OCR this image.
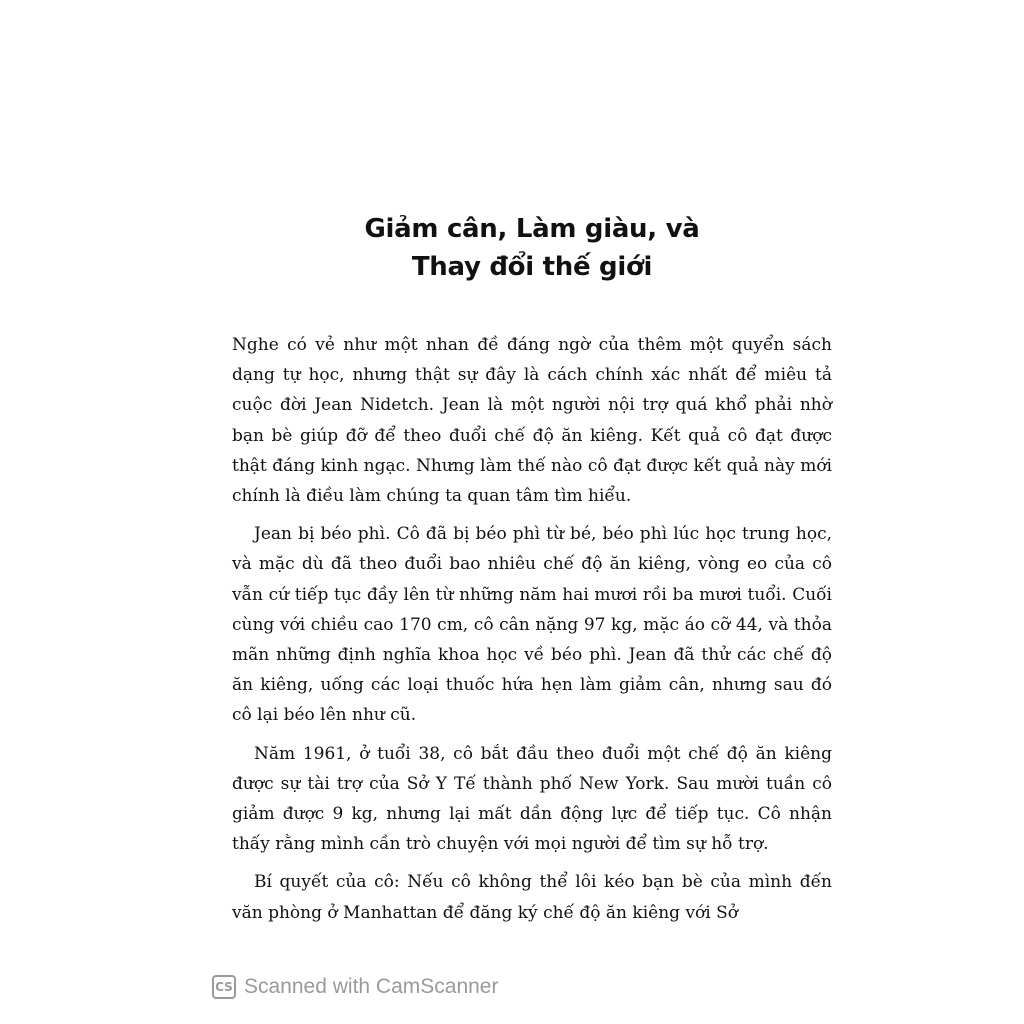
Giảm cân, Làm giàu, và
Thay đổi thế giới

Nghe có vẻ như một nhan đề đáng ngờ của thêm một quyển sách dạng tự học, nhưng thật sự đây là cách chính xác nhất để miêu tả cuộc đời Jean Nidetch. Jean là một người nội trợ quá khổ phải nhờ bạn bè giúp đỡ để theo đuổi chế độ ăn kiêng. Kết quả cô đạt được thật đáng kinh ngạc. Nhưng làm thế nào cô đạt được kết quả này mới chính là điều làm chúng ta quan tâm tìm hiểu.

Jean bị béo phì. Cô đã bị béo phì từ bé, béo phì lúc học trung học, và mặc dù đã theo đuổi bao nhiêu chế độ ăn kiêng, vòng eo của cô vẫn cứ tiếp tục đầy lên từ những năm hai mươi rồi ba mươi tuổi. Cuối cùng với chiều cao 170 cm, cô cân nặng 97 kg, mặc áo cỡ 44, và thỏa mãn những định nghĩa khoa học về béo phì. Jean đã thử các chế độ ăn kiêng, uống các loại thuốc hứa hẹn làm giảm cân, nhưng sau đó cô lại béo lên như cũ.

Năm 1961, ở tuổi 38, cô bắt đầu theo đuổi một chế độ ăn kiêng được sự tài trợ của Sở Y Tế thành phố New York. Sau mười tuần cô giảm được 9 kg, nhưng lại mất dần động lực để tiếp tục. Cô nhận thấy rằng mình cần trò chuyện với mọi người để tìm sự hỗ trợ.

Bí quyết của cô: Nếu cô không thể lôi kéo bạn bè của mình đến văn phòng ở Manhattan để đăng ký chế độ ăn kiêng với Sở

CS Scanned with CamScanner
